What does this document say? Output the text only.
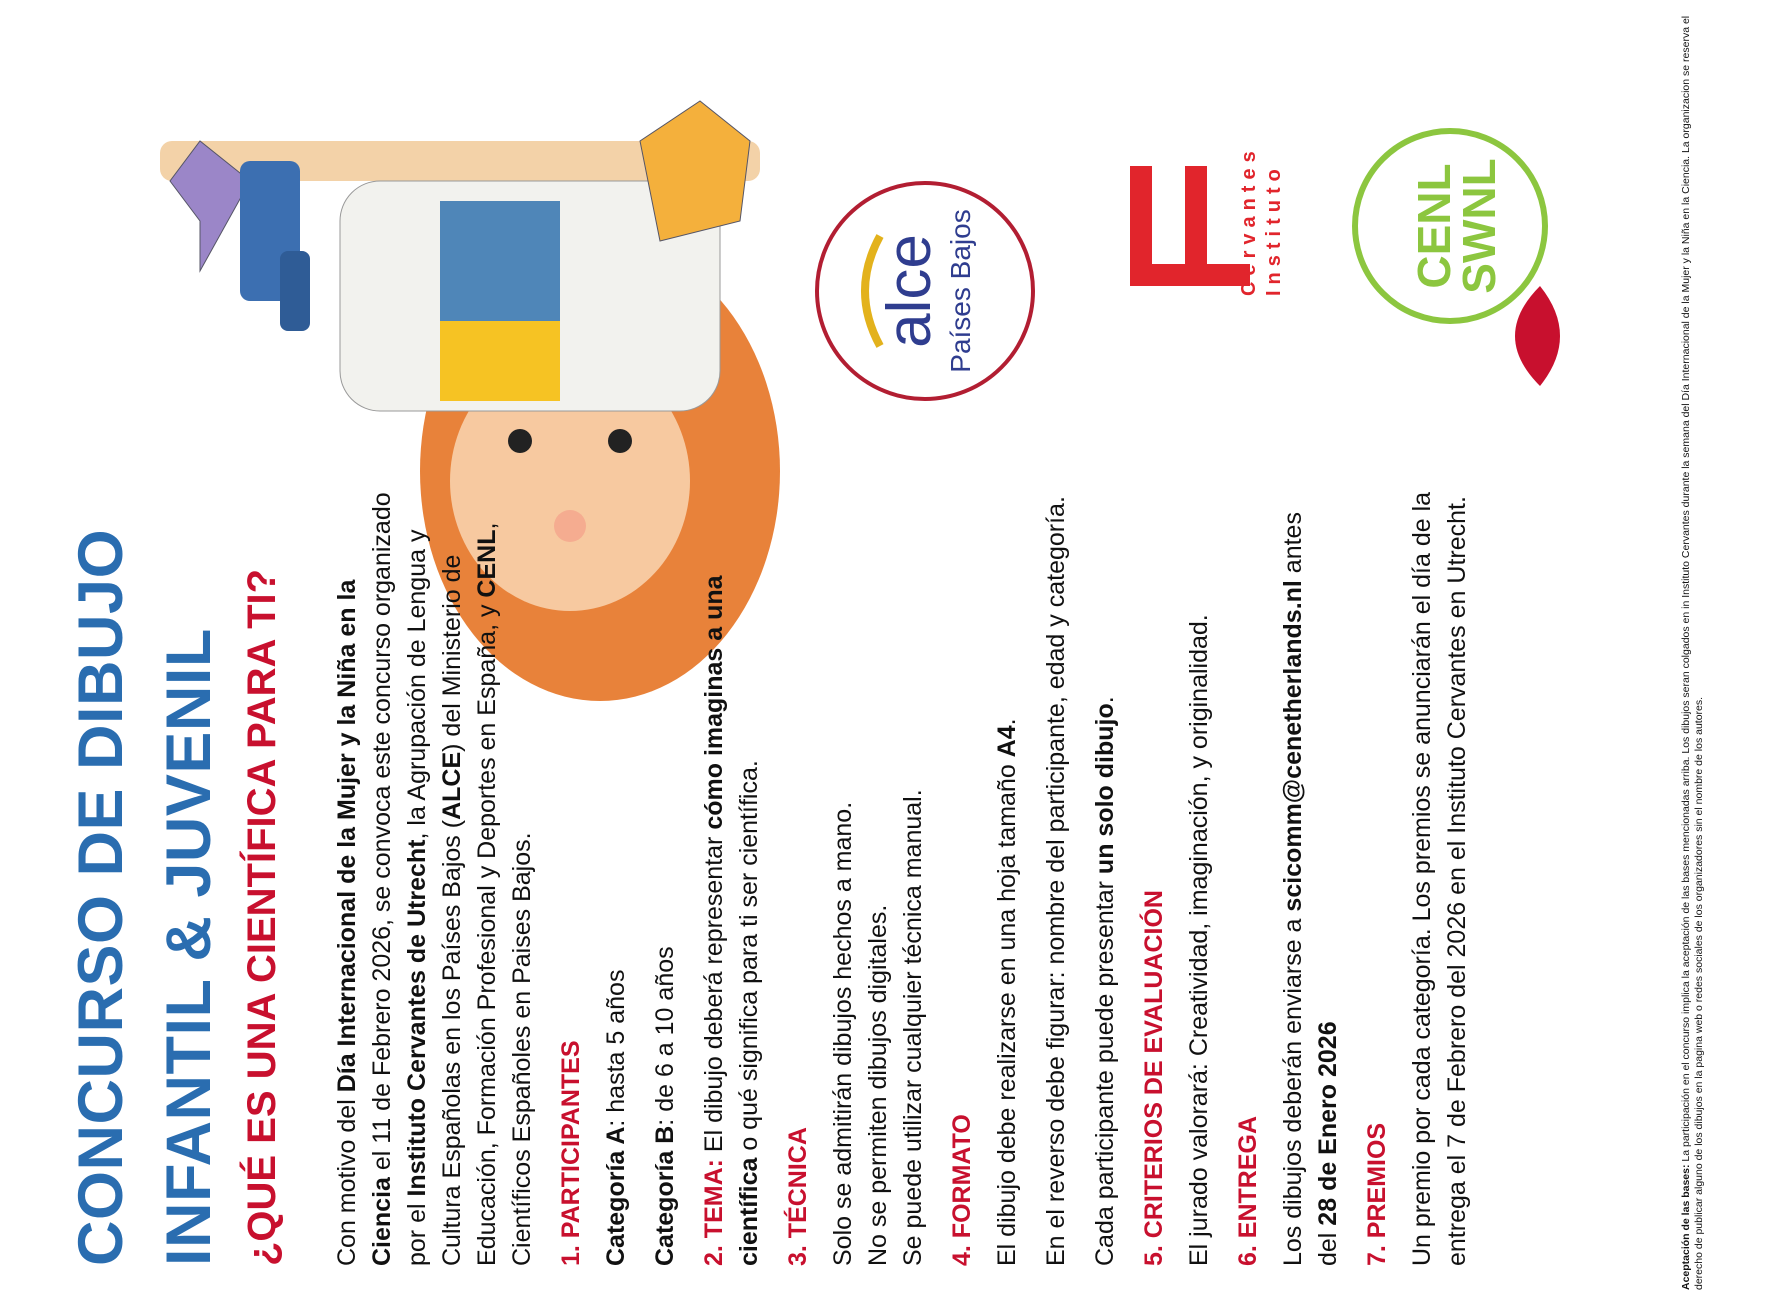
CONCURSO DE DIBUJO INFANTIL & JUVENIL ¿QUÉ ES UNA CIENTÍFICA PARA TI?
alce Países Bajos	Instituto
Cervantes	CENL
SWNL

Con motivo del Día Internacional de la Mujer y la Niña en la Ciencia el 11 de Febrero 2026, se convoca este concurso organizado por el Instituto Cervantes de Utrecht, la Agrupación de Lengua y Cultura Españolas en los Países Bajos (ALCE) del Ministerio de Educación, Formación Profesional y Deportes en España, y CENL, Científicos Españoles en Paises Bajos. 1. PARTICIPANTES Categoría A: hasta 5 años

Categoría B: de 6 a 10 años

2. TEMA: El dibujo deberá representar cómo imaginas a una científica o qué significa para ti ser científica.

3. TÉCNICA Solo se admitirán dibujos hechos a mano. No se permiten dibujos digitales. Se puede utilizar cualquier técnica manual. 4. FORMATO El dibujo debe realizarse en una hoja tamaño A4. En el reverso debe figurar: nombre del participante, edad y categoría. Cada participante puede presentar un solo dibujo.

5. CRITERIOS DE EVALUACIÓN El jurado valorará: Creatividad, imaginación, y originalidad. 6. ENTREGA Los dibujos deberán enviarse a scicomm@cenetherlands.nl antes del 28 de Enero 2026 7. PREMIOS Un premio por cada categoría. Los premios se anunciarán el día de la entrega el 7 de Febrero del 2026 en el Instituto Cervantes en Utrecht.	Aceptación de las bases: La participación en el concurso implica la aceptación de las bases mencionadas arriba. Los dibujos seran colgados en in Instituto Cervantes durante la semana del Día Internacional de la Mujer y la Niña en la Ciencia. La organizacion se reserva el derecho de publicar alguno de los dibujos en la pagina web o redes sociales de los organizadores sin el nombre de los autores.
